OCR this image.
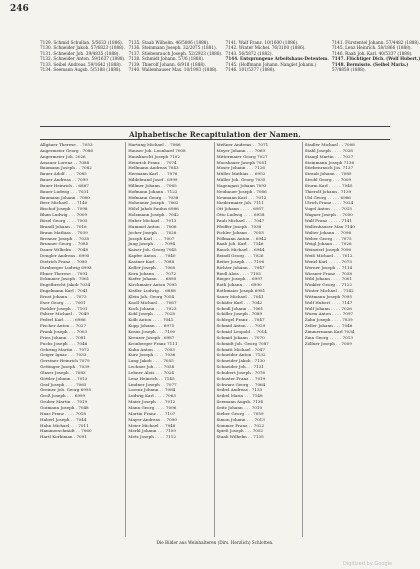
246
7129. Schmid Schullan. 5/5633 (1886).
7130. Schneider Jakob. 57/6823 (1888).
7131. Schneider Joh. 39/4835 (1888).
7132. Schneider Anton. 59/1637 (1888).
7133. Seibel Andreas. 59/1642 (1888).
7134. Seemann Augsb. 5/5188 (1888).
7135. Staab Wilhelm. 46/5806 (1888).
7136. Steinmann Joseph. 32/2075 (1881).
7137. Stiebenrauch Joseph. 52/2923 (1888).
7138. Schmidt Johann. 57/6 (1888).
7139. Thierolf Johann. 6/918 (1888).
7140. Wallenhauser Max. 10/1993 (1888).
7141. Walf Franz. 10/1600 (1886).
7142. Winter Michel. 76/3100 (1886).
7143. 56/5872 (1882).
7144. Entsprungene Arbeitshaus-Detentem.
7145. (Hoffmann Johann. Nanglet Johann.)
7146. 101/5377 (1888).
7141. Fürstentel Johann. 57/4482 (1888).
7145. Lenz Heinrich. 58/1866 (1888).
7146. Raab Joh. Karl. 40/5337 (1888).
7147. Flüchtiger Dich. (Wolf Hubert.)
7148. Bermisste. (Seibel Maria.)
57/8858 (1888).
Alphabetische Recapitulation der Namen.
Allgäuer Therese . . 7053
Angermeier Georg . 7086
Angermeier Joh. 2026
Assauer Lorenz . . 7088
Baumann Joseph . . 7082
Bauer Adolf . . . . 7085
Bauer Andreas . . 7099
Bauer Heinrich . . 6887
Bauer Ludwig . . . 7031
Baumann Johann . 7080
Beer Michael . . . 7140
Bischof Joseph . . 7098
Blum Ludwig . . . 7009
Bösel Georg . . . . 7005
Brandl Johann . . 7016
Braun Mathias . . 7039
Brenner Joseph . . 7035
Brunner Georg . . 7085
Dauer Wilhelm . . 7048
Dengler Andreas . 6995
Dietrich Franz . . 7080
Dirnberger Ludwig 6993
Ebner Therese . . 7091
Eckmaier Joseph . 7061
Engelbrecht Jakob 7034
Engelmann Karl . 7041
Ernst Johann . . . 7073
Eser Georg . . . . 7001
Fackler Joseph . . 7101
Fahrer Michael . . 7049
Federl Karl . . . . 6986
Fischer Anton . . 7027
Frank Joseph . . . 7003
Fries Johann . . . 7081
Fuchs Joseph . . . 7046
Gehring Martin . . 7072
Geiger Ignaz . . . 7033
Gerstner Heinrich 7079
Gettinger Joseph . 7039
Glaser Joseph . . 7083
Göttler Johann . . 7013
Graf Joseph . . . . 7065
Greiner Joh. Georg 6995
Groß Joseph . . . 6999
Gruber Martin . . 7019
Gutmann Joseph . 7048
Haas Franz . . . . 7018
Haberl Joseph . . 7044
Hahn Michael . . . 7011
Hammerschmidt . . 7060
Hartl Korbinian . 7091
Hartung Michael . . 7066
Hauser Joh. Leonhard 7008
Hausknecht Joseph 7102
Heinrich Franz . . 7074
Hellmann Andreas 7043
Hermann Karl . . . 7076
Hildebrand Josef . 6999
Hillmer Johann . . 7065
Hofmann Johann . 7122
Hofmann Georg . . 7038
Hohenner Joseph . 7062
Hölzl Jakob Paulus 6986
Holzmann Joseph . 7042
Huber Michael . . 7013
Hummel Anton . . 7006
Jocher Joseph . . . 7026
Joseph Karl . . . . 7007
Jung Joseph . . . . 7094
Kaiser Joh. Georg 7045
Kapfer Anton . . . 7040
Kastner Karl . . . 7088
Keller Joseph . . . 7060
Kern Johann . . . . 7072
Kiefer Johann . . . 6890
Kirchmaier Anton 7095
Kistler Ludwig . . 6888
Klein Joh. Georg 7054
Knoll Michael . . . 7067
Koch Johann . . . . 7023
Kohl Joseph . . . . 7028
Kolb Anton . . . . 7041
Kopp Johann . . . 6975
Kraus Joseph . . . 7100
Kreuzer Joseph . 6987
Kronberger Franz 7111
Kuhn Anton . . . . 7053
Kurz Joseph . . . . 7036
Lang Jakob . . . . 7055
Lechner Joh. . . . 7058
Lehner Alois . . . 7024
Lenz Heinrich . . 7145
Lindner Joseph . . 7077
Lorenz Johann . . 7084
Ludwig Karl . . . . 7063
Maier Joseph . . . 7012
Mann Georg . . . . 7096
Martin Franz . . . 7107
Mayer Andreas . . 7090
Meier Michael . . 7048
Merkl Johann . . . 7109
Metz Joseph . . . . 7112
Meßner Andreas . . 7071
Meyer Johann . . . 7069
Mittermaier Georg 7027
Moosbauer Joseph 7051
Moser Johann . . . 7126
Müller Mathias . . 6952
Müller Joh. Georg 7035
Nagengast Johann 7093
Neubauer Joseph . 7066
Neumann Karl . . . 7012
Niedermaier Joh. 7111
Ott Johann . . . . . 6957
Otto Ludwig . . . . 6958
Pauli Michael . . . 7047
Pfeiffer Joseph . 7038
Pichler Johann . . 7055
Pöllmann Anton . . 6942
Raab Joh. Karl . . 7146
Rauch Michael . . 6944
Reindl Georg . . . 7026
Reiter Joseph . . . 7106
Richter Johann . . 7047
Riedl Alois . . . . 7105
Rieger Joseph . . 6997
Roth Johann . . . 6990
Rothmaier Joseph 6981
Sauer Michael . . 7041
Schäfer Karl . . . 7042
Schedl Johann . . 7061
Schiller Joseph . 7089
Schlegel Franz . . 7047
Schmid Anton . . . 7029
Schmid Leopold . . 7014
Schmid Johann . . 7070
Schmidt Joh. Georg 7087
Schmitt Michael . 7047
Schneider Anton . 7132
Schneider Jakob . 7130
Schneider Joh. . . 7131
Schubert Joseph . 7076
Schuster Franz . . 7019
Schwarz Georg . . 7064
Seibel Andreas . 7133
Seibel Maria . . . 7148
Seemann Augsb. 7134
Seitz Johann . . . 7010
Sieber Georg . . . 7059
Simon Johann . . . 7013
Sommer Franz . . 7022
Spieß Joseph . . . 7052
Staab Wilhelm . . 7135
Stadler Michael . . 7008
Stahl Joseph . . . . 7028
Stangl Martin . . . 7027
Steinmann Joseph 7136
Stiebenrauch Jos. 7137
Straub Johann . . 7085
Strobl Georg . . . 7009
Sturm Karl . . . . . 7045
Thierolf Johann . 7139
Uhl Georg . . . . . 6986
Ulrich Franz . . . . 7024
Vogel Anton . . . . 7015
Wagner Joseph . . 7050
Walf Franz . . . . . 7141
Wallenhauser Max 7140
Walter Johann . . 7096
Weber Georg . . . 7075
Weigl Johann . . . 7026
Weinzierl Joseph 7096
Weiß Michael . . . 7012
Wenzl Karl . . . . . 7075
Werner Joseph . . 7114
Wiesner Franz . . 7038
Wild Johann . . . . 7001
Winkler Georg . . 7122
Winter Michael . . 7142
Wittmann Joseph 7095
Wolf Hubert . . . . 7147
Wolf Johann . . . . 7026
Wurm Anton . . . . 7097
Zahn Joseph . . . . 7039
Zeller Johann . . . 7046
Zimmermann Karl 7034
Zinn Georg . . . . . 7013
Zöllner Joseph . . 7009
Die Bilder aus Weinhalteren (Dirs. Herzlich) Schlotten.
Digitized by Google
